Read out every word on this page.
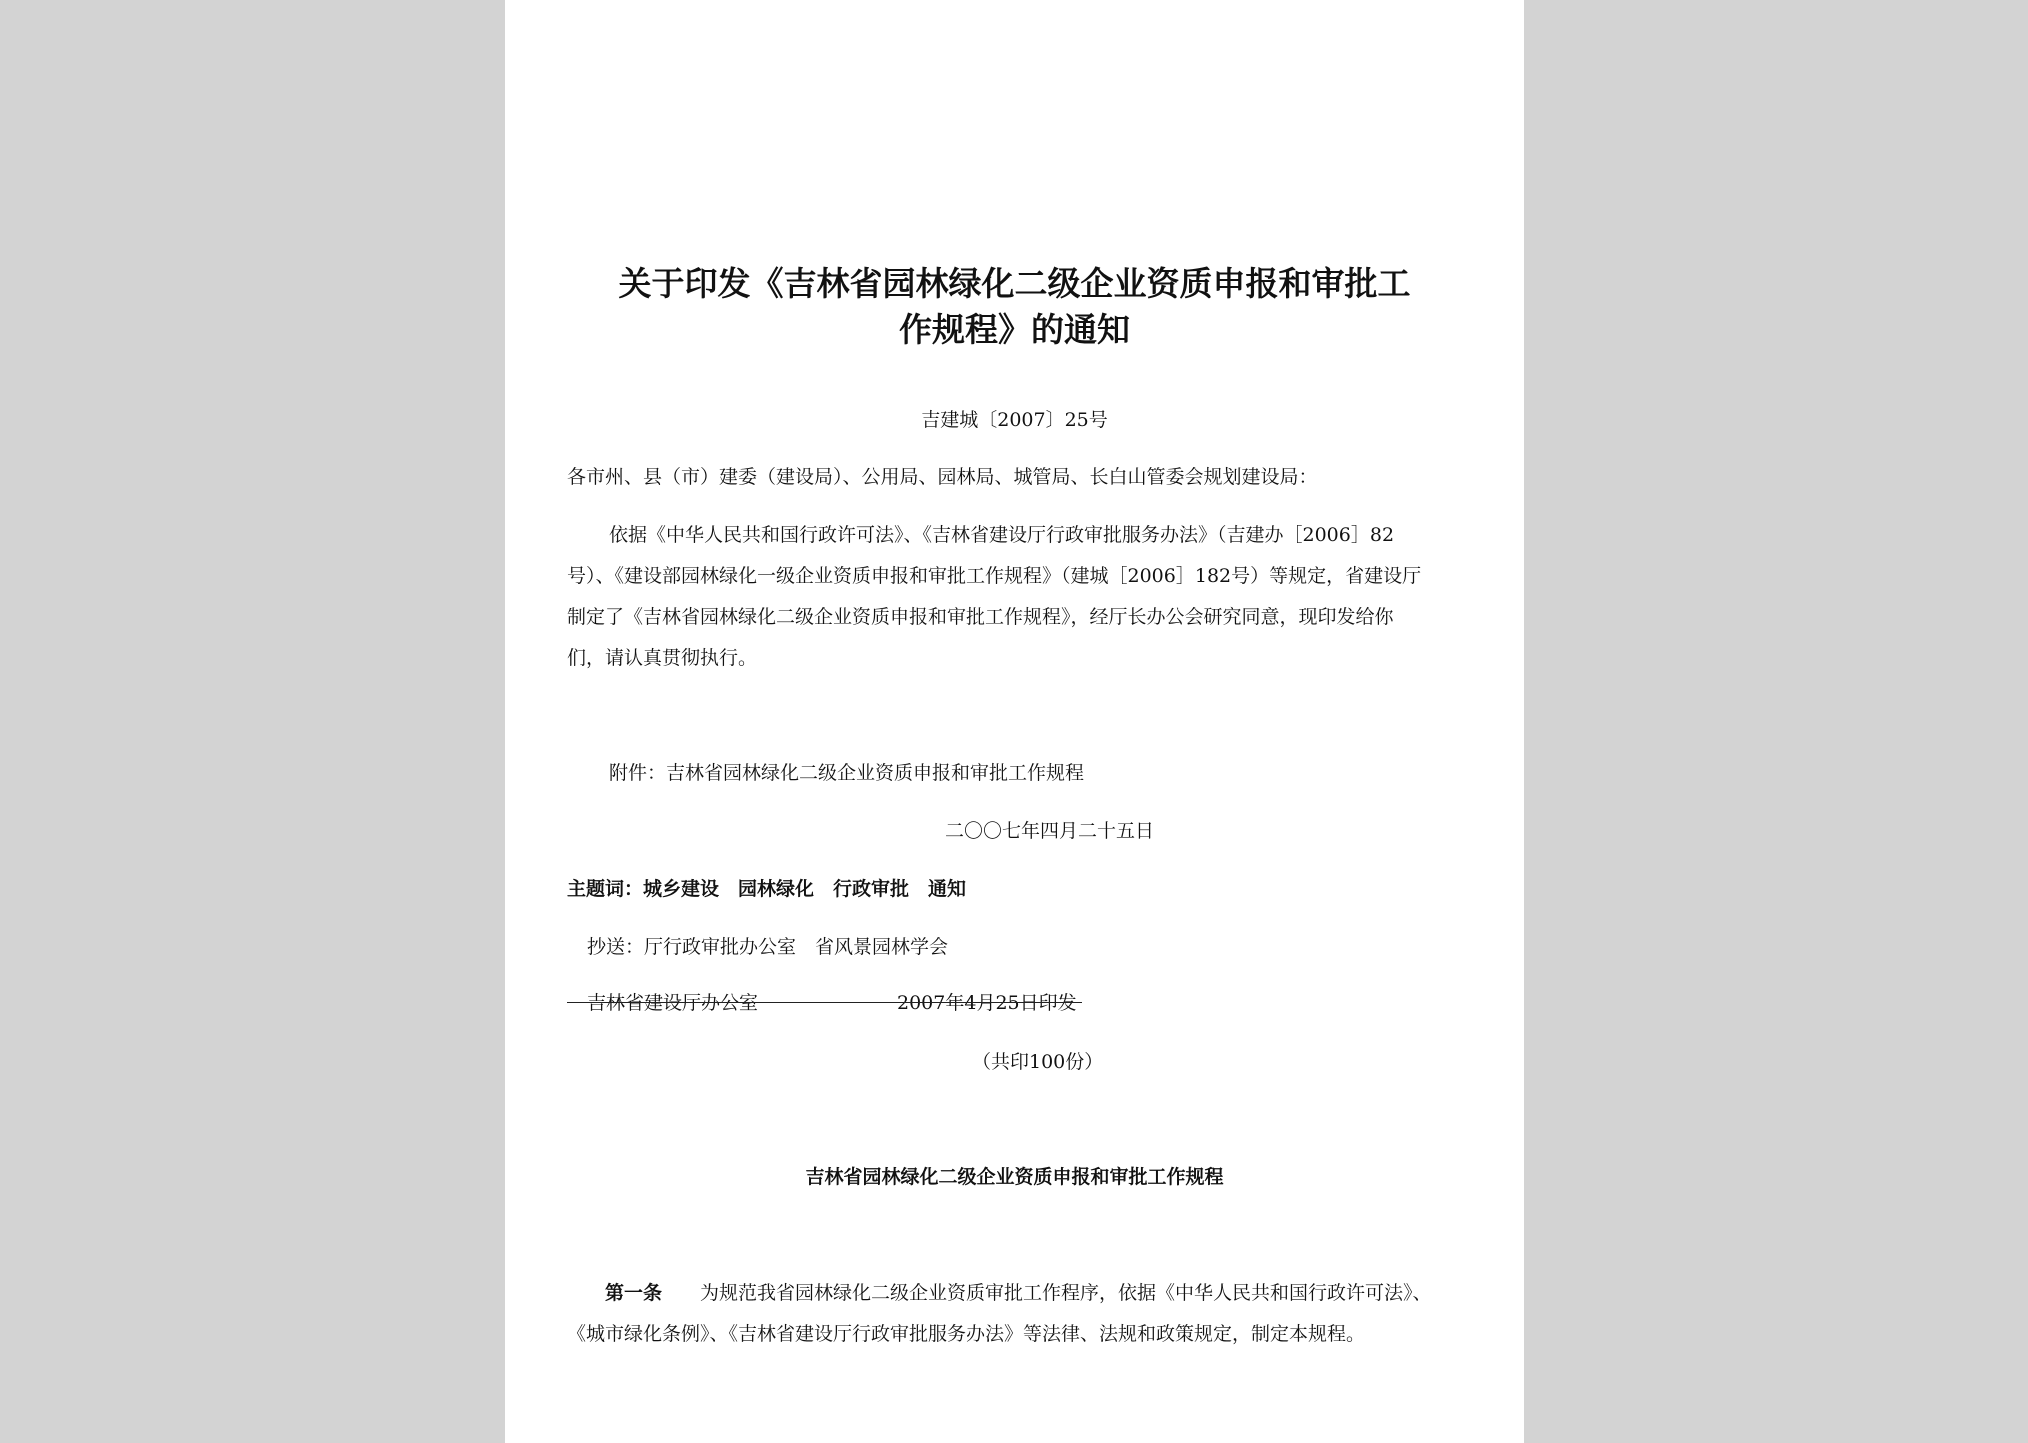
关于印发《吉林省园林绿化二级企业资质申报和审批工
作规程》的通知
吉建城〔2007〕25号
各市州、县（市）建委（建设局）、公用局、园林局、城管局、长白山管委会规划建设局：
依据《中华人民共和国行政许可法》、《吉林省建设厅行政审批服务办法》（吉建办［2006］82
号）、《建设部园林绿化一级企业资质申报和审批工作规程》（建城［2006］182号）等规定，省建设厅
制定了《吉林省园林绿化二级企业资质申报和审批工作规程》，经厅长办公会研究同意，现印发给你
们，请认真贯彻执行。
附件：吉林省园林绿化二级企业资质申报和审批工作规程
二〇〇七年四月二十五日
主题词：城乡建设　园林绿化　行政审批　通知
抄送：厅行政审批办公室　省风景园林学会
吉林省建设厅办公室	2007年4月25日印发
（共印100份）
吉林省园林绿化二级企业资质申报和审批工作规程
第一条　　 为规范我省园林绿化二级企业资质审批工作程序，依据《中华人民共和国行政许可法》、
《城市绿化条例》、《吉林省建设厅行政审批服务办法》等法律、法规和政策规定，制定本规程。
